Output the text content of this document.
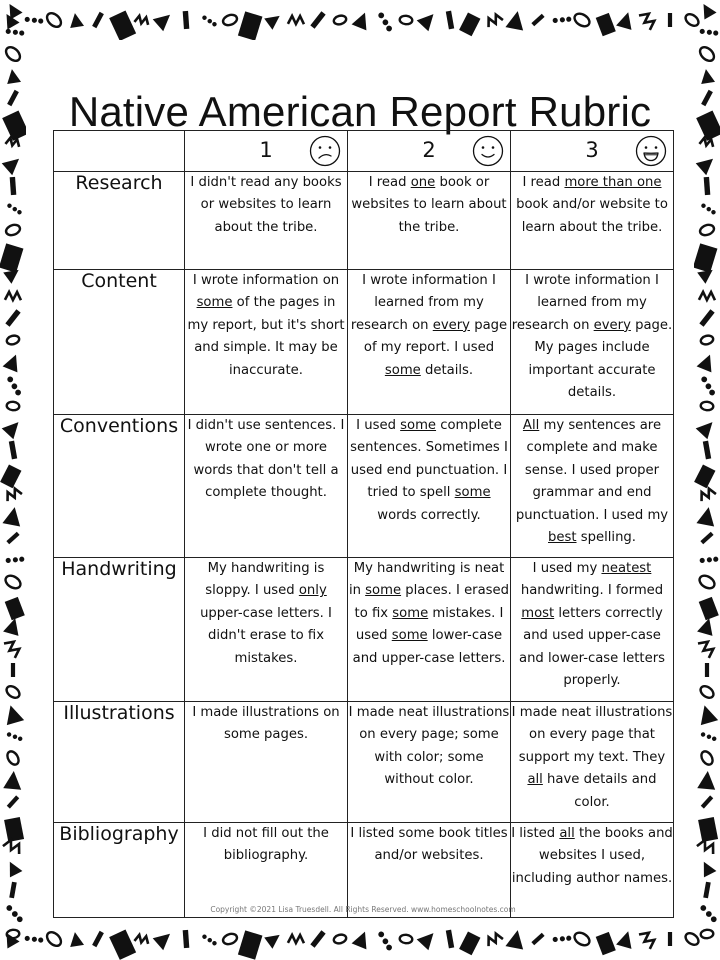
Native American Report Rubric

	1	2	3

Research	I didn't read any books or websites to learn about the tribe.	I read one book or websites to learn about the tribe.	I read more than one book and/or website to learn about the tribe.
Content	I wrote information on some of the pages in my report, but it's short and simple. It may be inaccurate.	I wrote information I learned from my research on every page of my report. I used some details.	I wrote information I learned from my research on every page. My pages include important accurate details.
Conventions	I didn't use sentences. I wrote one or more words that don't tell a complete thought.	I used some complete sentences. Sometimes I used end punctuation. I tried to spell some words correctly.	All my sentences are complete and make sense. I used proper grammar and end punctuation. I used my best spelling.
Handwriting	My handwriting is sloppy. I used only upper-case letters. I didn't erase to fix mistakes.	My handwriting is neat in some places. I erased to fix some mistakes. I used some lower-case and upper-case letters.	I used my neatest handwriting. I formed most letters correctly and used upper-case and lower-case letters properly.
Illustrations	I made illustrations on some pages.	I made neat illustrations on every page; some with color; some without color.	I made neat illustrations on every page that support my text. They all have details and color.
Bibliography	I did not fill out the bibliography.	I listed some book titles and/or websites.	I listed all the books and websites I used, including author names.
Copyright ©2021 Lisa Truesdell. All Rights Reserved. www.homeschoolnotes.com
